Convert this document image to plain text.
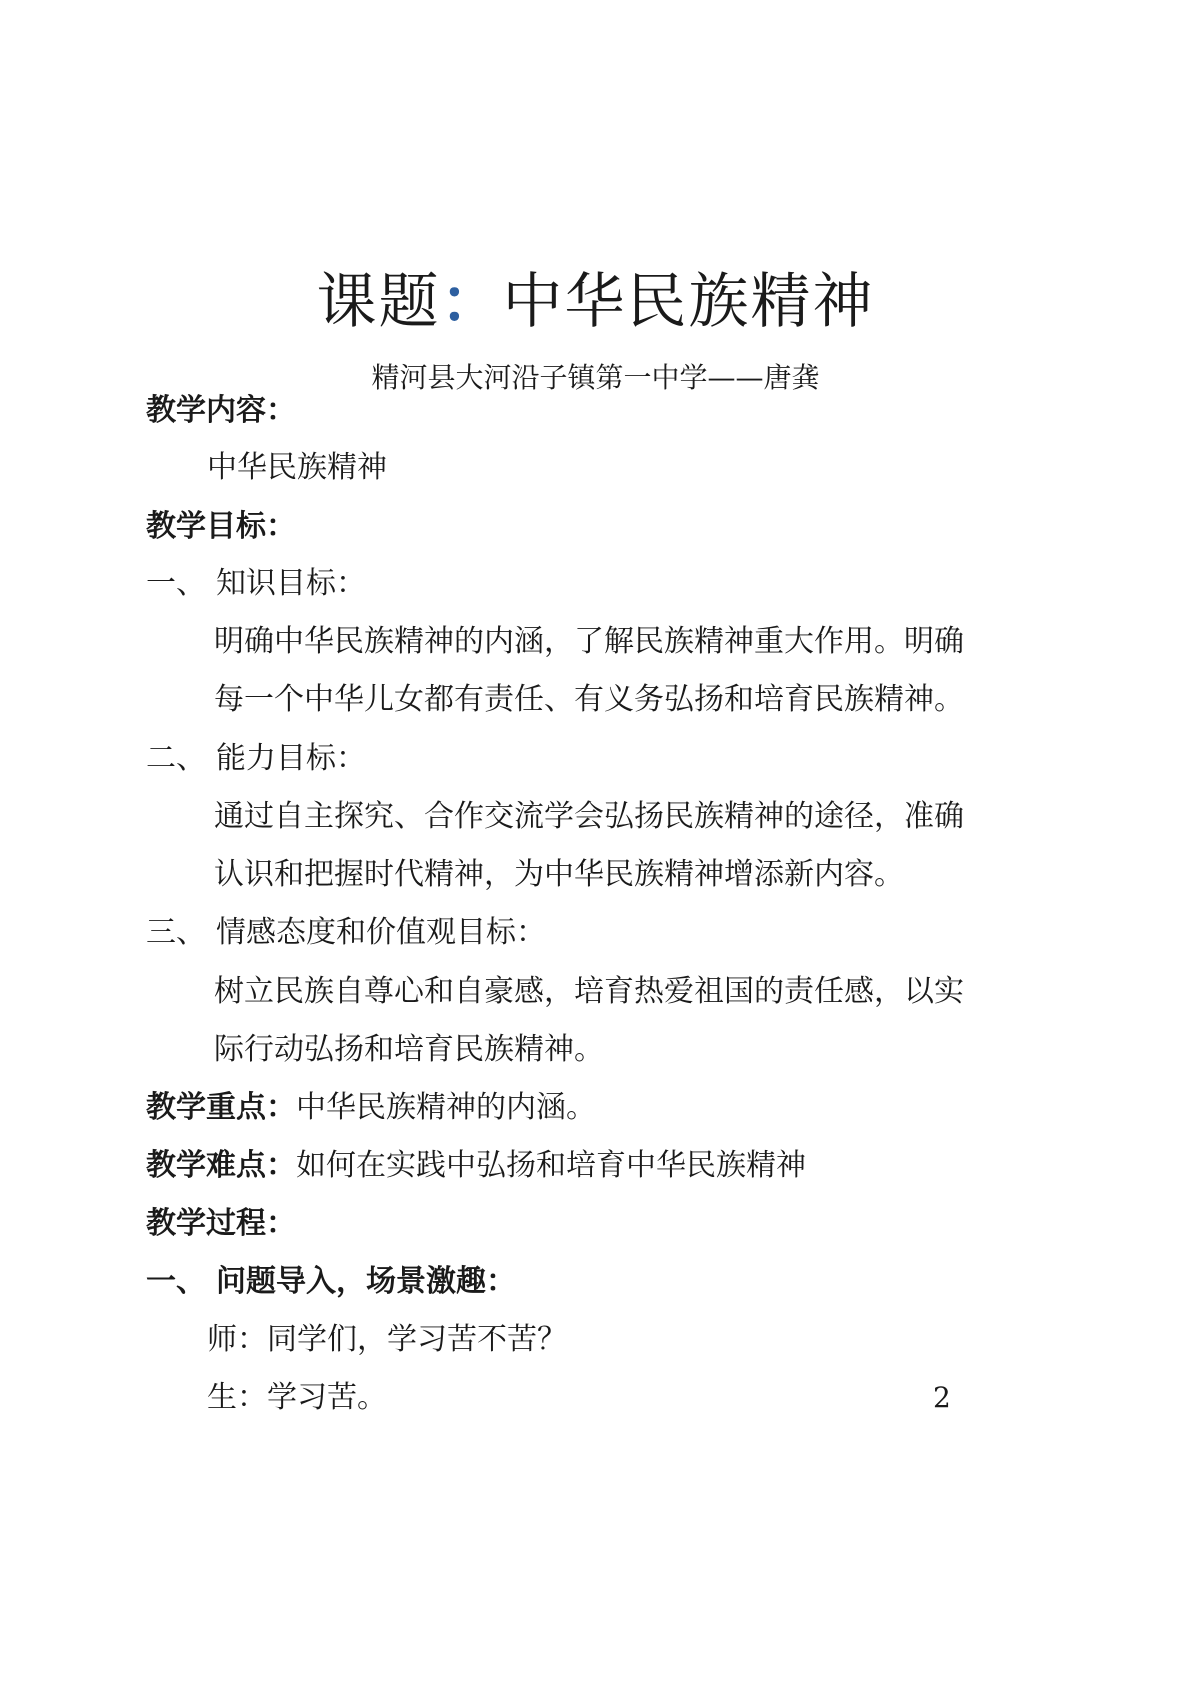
课题：中华民族精神
精河县大河沿子镇第一中学——唐龚
教学内容：
中华民族精神
教学目标：
一、 知识目标：
明确中华民族精神的内涵，了解民族精神重大作用。明确
每一个中华儿女都有责任、有义务弘扬和培育民族精神。
二、 能力目标：
通过自主探究、合作交流学会弘扬民族精神的途径，准确
认识和把握时代精神，为中华民族精神增添新内容。
三、 情感态度和价值观目标：
树立民族自尊心和自豪感，培育热爱祖国的责任感，以实
际行动弘扬和培育民族精神。
教学重点：中华民族精神的内涵。
教学难点：如何在实践中弘扬和培育中华民族精神
教学过程：
一、 问题导入，场景激趣：
师：同学们，学习苦不苦？
生：学习苦。	2
